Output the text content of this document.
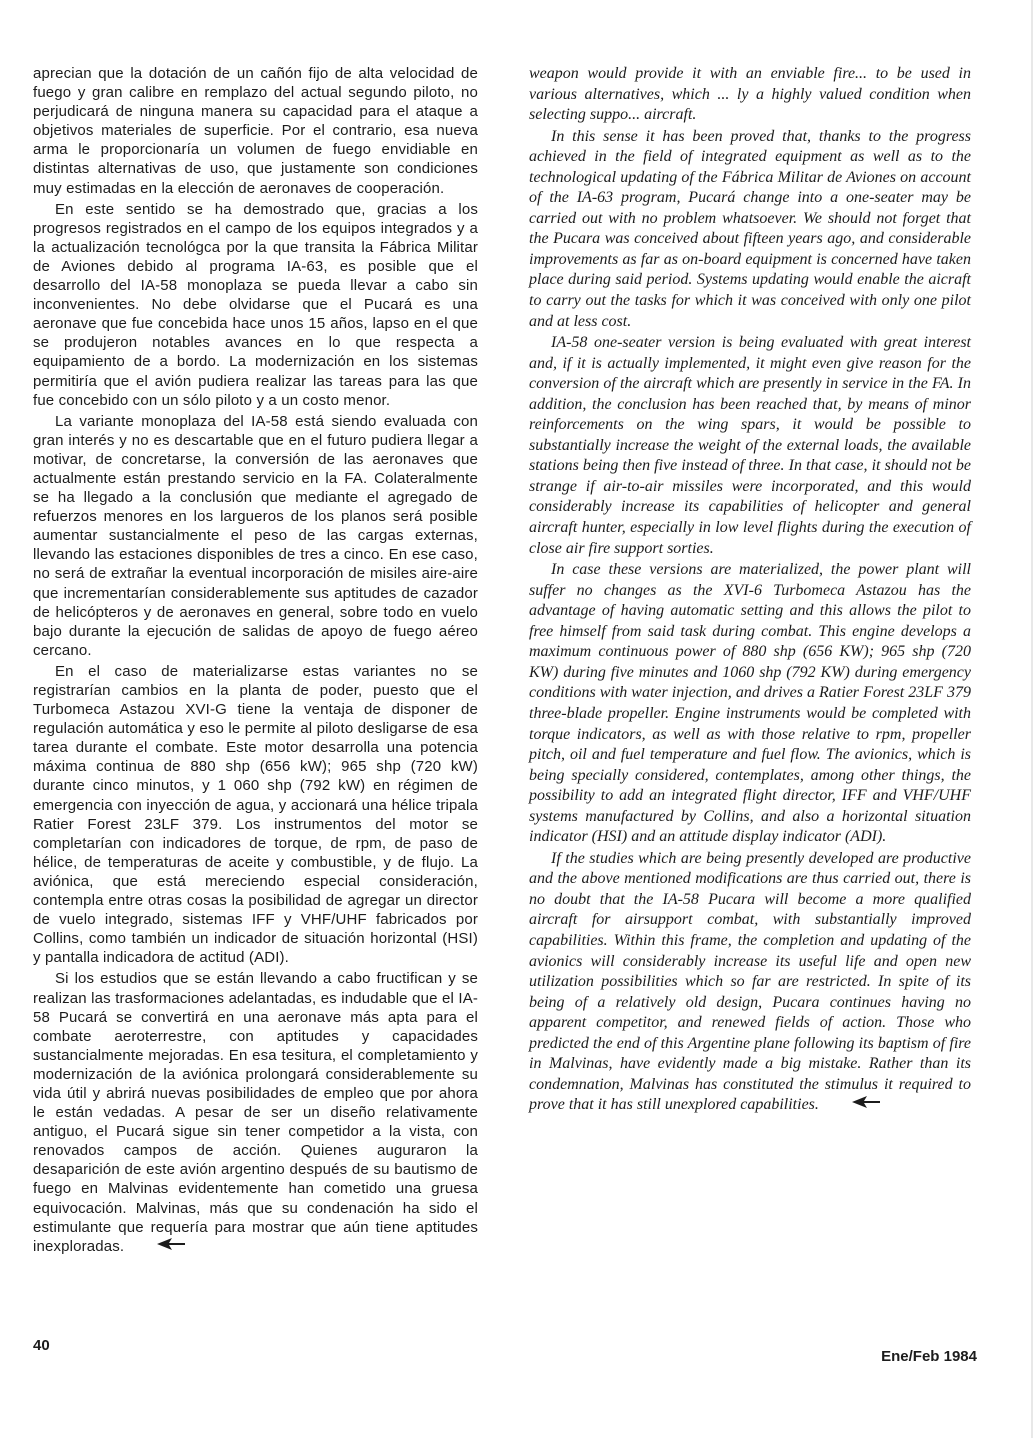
aprecian que la dotación de un cañón fijo de alta velocidad de fuego y gran calibre en remplazo del actual segundo piloto, no perjudicará de ninguna manera su capacidad para el ataque a objetivos materiales de superficie. Por el contrario, esa nueva arma le proporcionaría un volumen de fuego envidiable en distintas alternativas de uso, que justamente son condiciones muy estimadas en la elección de aeronaves de cooperación.

En este sentido se ha demostrado que, gracias a los progresos registrados en el campo de los equipos integrados y a la actualización tecnológca por la que transita la Fábrica Militar de Aviones debido al programa IA-63, es posible que el desarrollo del IA-58 monoplaza se pueda llevar a cabo sin inconvenientes. No debe olvidarse que el Pucará es una aeronave que fue concebida hace unos 15 años, lapso en el que se produjeron notables avances en lo que respecta a equipamiento de a bordo. La modernización en los sistemas permitiría que el avión pudiera realizar las tareas para las que fue concebido con un sólo piloto y a un costo menor.

La variante monoplaza del IA-58 está siendo evaluada con gran interés y no es descartable que en el futuro pudiera llegar a motivar, de concretarse, la conversión de las aeronaves que actualmente están prestando servicio en la FA. Colateralmente se ha llegado a la conclusión que mediante el agregado de refuerzos menores en los largueros de los planos será posible aumentar sustancialmente el peso de las cargas externas, llevando las estaciones disponibles de tres a cinco. En ese caso, no será de extrañar la eventual incorporación de misiles aire-aire que incrementarían considerablemente sus aptitudes de cazador de helicópteros y de aeronaves en general, sobre todo en vuelo bajo durante la ejecución de salidas de apoyo de fuego aéreo cercano.

En el caso de materializarse estas variantes no se registrarían cambios en la planta de poder, puesto que el Turbomeca Astazou XVI-G tiene la ventaja de disponer de regulación automática y eso le permite al piloto desligarse de esa tarea durante el combate. Este motor desarrolla una potencia máxima continua de 880 shp (656 kW); 965 shp (720 kW) durante cinco minutos, y 1 060 shp (792 kW) en régimen de emergencia con inyección de agua, y accionará una hélice tripala Ratier Forest 23LF 379. Los instrumentos del motor se completarían con indicadores de torque, de rpm, de paso de hélice, de temperaturas de aceite y combustible, y de flujo. La aviónica, que está mereciendo especial consideración, contempla entre otras cosas la posibilidad de agregar un director de vuelo integrado, sistemas IFF y VHF/UHF fabricados por Collins, como también un indicador de situación horizontal (HSI) y pantalla indicadora de actitud (ADI).

Si los estudios que se están llevando a cabo fructifican y se realizan las trasformaciones adelantadas, es indudable que el IA-58 Pucará se convertirá en una aeronave más apta para el combate aeroterrestre, con aptitudes y capacidades sustancialmente mejoradas. En esa tesitura, el completamiento y modernización de la aviónica prolongará considerablemente su vida útil y abrirá nuevas posibilidades de empleo que por ahora le están vedadas. A pesar de ser un diseño relativamente antiguo, el Pucará sigue sin tener competidor a la vista, con renovados campos de acción. Quienes auguraron la desaparición de este avión argentino después de su bautismo de fuego en Malvinas evidentemente han cometido una gruesa equivocación. Malvinas, más que su condenación ha sido el estimulante que requería para mostrar que aún tiene aptitudes inexploradas.

weapon would provide it with an enviable fire... to be used in various alternatives, which ... ly a highly valued condition when selecting suppo... aircraft.

In this sense it has been proved that, thanks to the progress achieved in the field of integrated equipment as well as to the technological updating of the Fábrica Militar de Aviones on account of the IA-63 program, Pucará change into a one-seater may be carried out with no problem whatsoever. We should not forget that the Pucara was conceived about fifteen years ago, and considerable improvements as far as on-board equipment is concerned have taken place during said period. Systems updating would enable the aicraft to carry out the tasks for which it was conceived with only one pilot and at less cost.

IA-58 one-seater version is being evaluated with great interest and, if it is actually implemented, it might even give reason for the conversion of the aircraft which are presently in service in the FA. In addition, the conclusion has been reached that, by means of minor reinforcements on the wing spars, it would be possible to substantially increase the weight of the external loads, the available stations being then five instead of three. In that case, it should not be strange if air-to-air missiles were incorporated, and this would considerably increase its capabilities of helicopter and general aircraft hunter, especially in low level flights during the execution of close air fire support sorties.

In case these versions are materialized, the power plant will suffer no changes as the XVI-6 Turbomeca Astazou has the advantage of having automatic setting and this allows the pilot to free himself from said task during combat. This engine develops a maximum continuous power of 880 shp (656 KW); 965 shp (720 KW) during five minutes and 1060 shp (792 KW) during emergency conditions with water injection, and drives a Ratier Forest 23LF 379 three-blade propeller. Engine instruments would be completed with torque indicators, as well as with those relative to rpm, propeller pitch, oil and fuel temperature and fuel flow. The avionics, which is being specially considered, contemplates, among other things, the possibility to add an integrated flight director, IFF and VHF/UHF systems manufactured by Collins, and also a horizontal situation indicator (HSI) and an attitude display indicator (ADI).

If the studies which are being presently developed are productive and the above mentioned modifications are thus carried out, there is no doubt that the IA-58 Pucara will become a more qualified aircraft for airsupport combat, with substantially improved capabilities. Within this frame, the completion and updating of the avionics will considerably increase its useful life and open new utilization possibilities which so far are restricted. In spite of its being of a relatively old design, Pucara continues having no apparent competitor, and renewed fields of action. Those who predicted the end of this Argentine plane following its baptism of fire in Malvinas, have evidently made a big mistake. Rather than its condemnation, Malvinas has constituted the stimulus it required to prove that it has still unexplored capabilities.

40
Ene/Feb 1984
